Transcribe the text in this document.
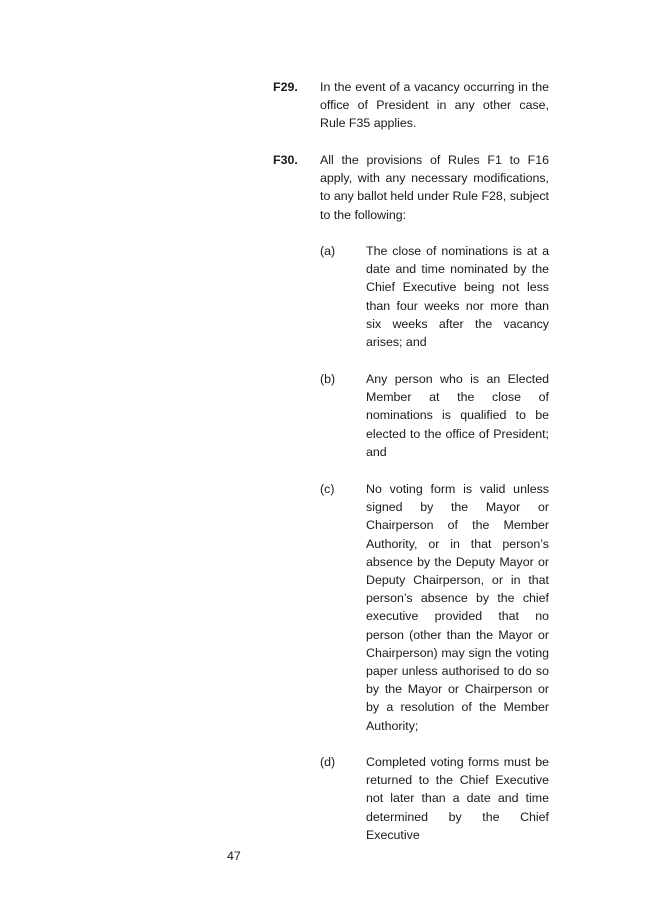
F29. In the event of a vacancy occurring in the office of President in any other case, Rule F35 applies.
F30. All the provisions of Rules F1 to F16 apply, with any necessary modifications, to any ballot held under Rule F28, subject to the following:
(a) The close of nominations is at a date and time nominated by the Chief Executive being not less than four weeks nor more than six weeks after the vacancy arises; and
(b) Any person who is an Elected Member at the close of nominations is qualified to be elected to the office of President; and
(c)	No voting form is valid unless signed by the Mayor or Chairperson of the Member Authority, or in that person’s absence by the Deputy Mayor or Deputy Chairperson, or in that person’s absence by the chief executive provided that no person (other than the Mayor or Chairperson) may sign the voting paper unless authorised to do so by the Mayor or Chairperson or by a resolution of the Member Authority;
(d) Completed voting forms must be returned to the Chief Executive not later than a date and time determined by the Chief Executive
47
